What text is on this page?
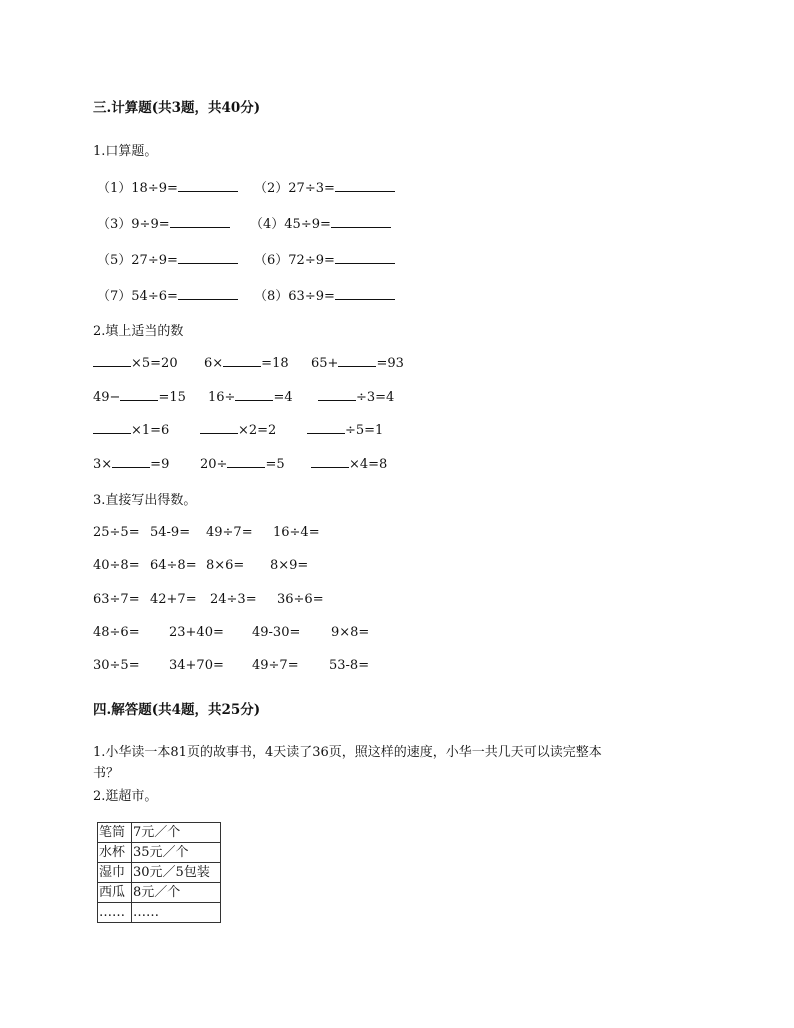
三.计算题(共3题，共40分)
1.口算题。
（1）18÷9=	（2）27÷3=
（3）9÷9=	（4）45÷9=
（5）27÷9=	（6）72÷9=
（7）54÷6=	（8）63÷9=
2.填上适当的数
×5=20 6×	=18 65+	=93
49−	=15 16÷	=4	÷3=4
×1=6	×2=2	÷5=1
3×	=9 20÷	=5	×4=8
3.直接写出得数。
25÷5= 54-9= 49÷7= 16÷4=
40÷8= 64÷8= 8×6= 8×9=
63÷7= 42+7= 24÷3= 36÷6=
48÷6= 23+40= 49-30= 9×8=
30÷5= 34+70= 49÷7= 53-8=
四.解答题(共4题，共25分)
1.小华读一本81页的故事书，4天读了36页，照这样的速度，小华一共几天可以读完整本
书？
2.逛超市。
笔筒	7元／个
水杯	35元／个
湿巾	30元／5包装
西瓜	8元／个
……	……
